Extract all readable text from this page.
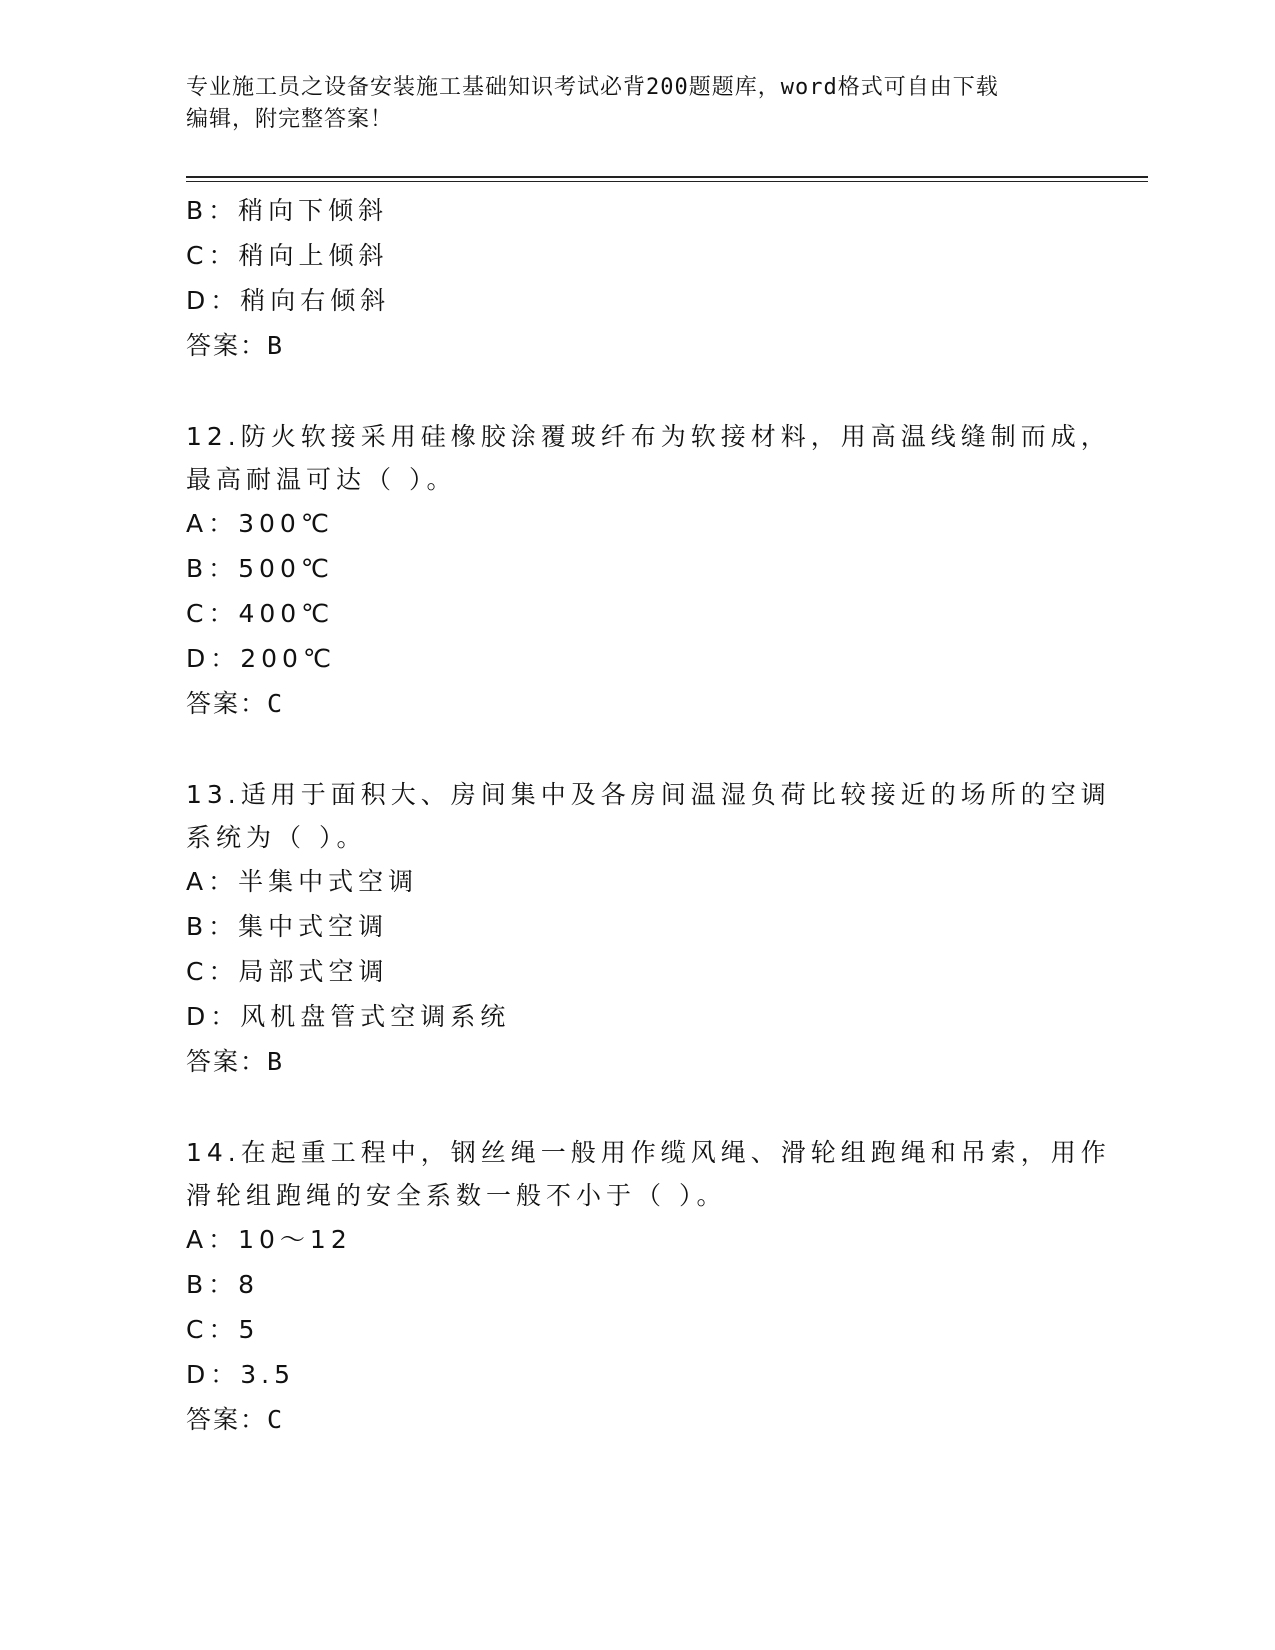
专业施工员之设备安装施工基础知识考试必背200题题库，word格式可自由下载
编辑，附完整答案！
B：稍向下倾斜
C：稍向上倾斜
D：稍向右倾斜
答案：B
12.防火软接采用硅橡胶涂覆玻纤布为软接材料，用高温线缝制而成，
最高耐温可达（ ）。
A：300℃
B：500℃
C：400℃
D：200℃
答案：C
13.适用于面积大、房间集中及各房间温湿负荷比较接近的场所的空调
系统为（ ）。
A：半集中式空调
B：集中式空调
C：局部式空调
D：风机盘管式空调系统
答案：B
14.在起重工程中，钢丝绳一般用作缆风绳、滑轮组跑绳和吊索，用作
滑轮组跑绳的安全系数一般不小于（ ）。
A：10～12
B：8
C：5
D：3.5
答案：C
